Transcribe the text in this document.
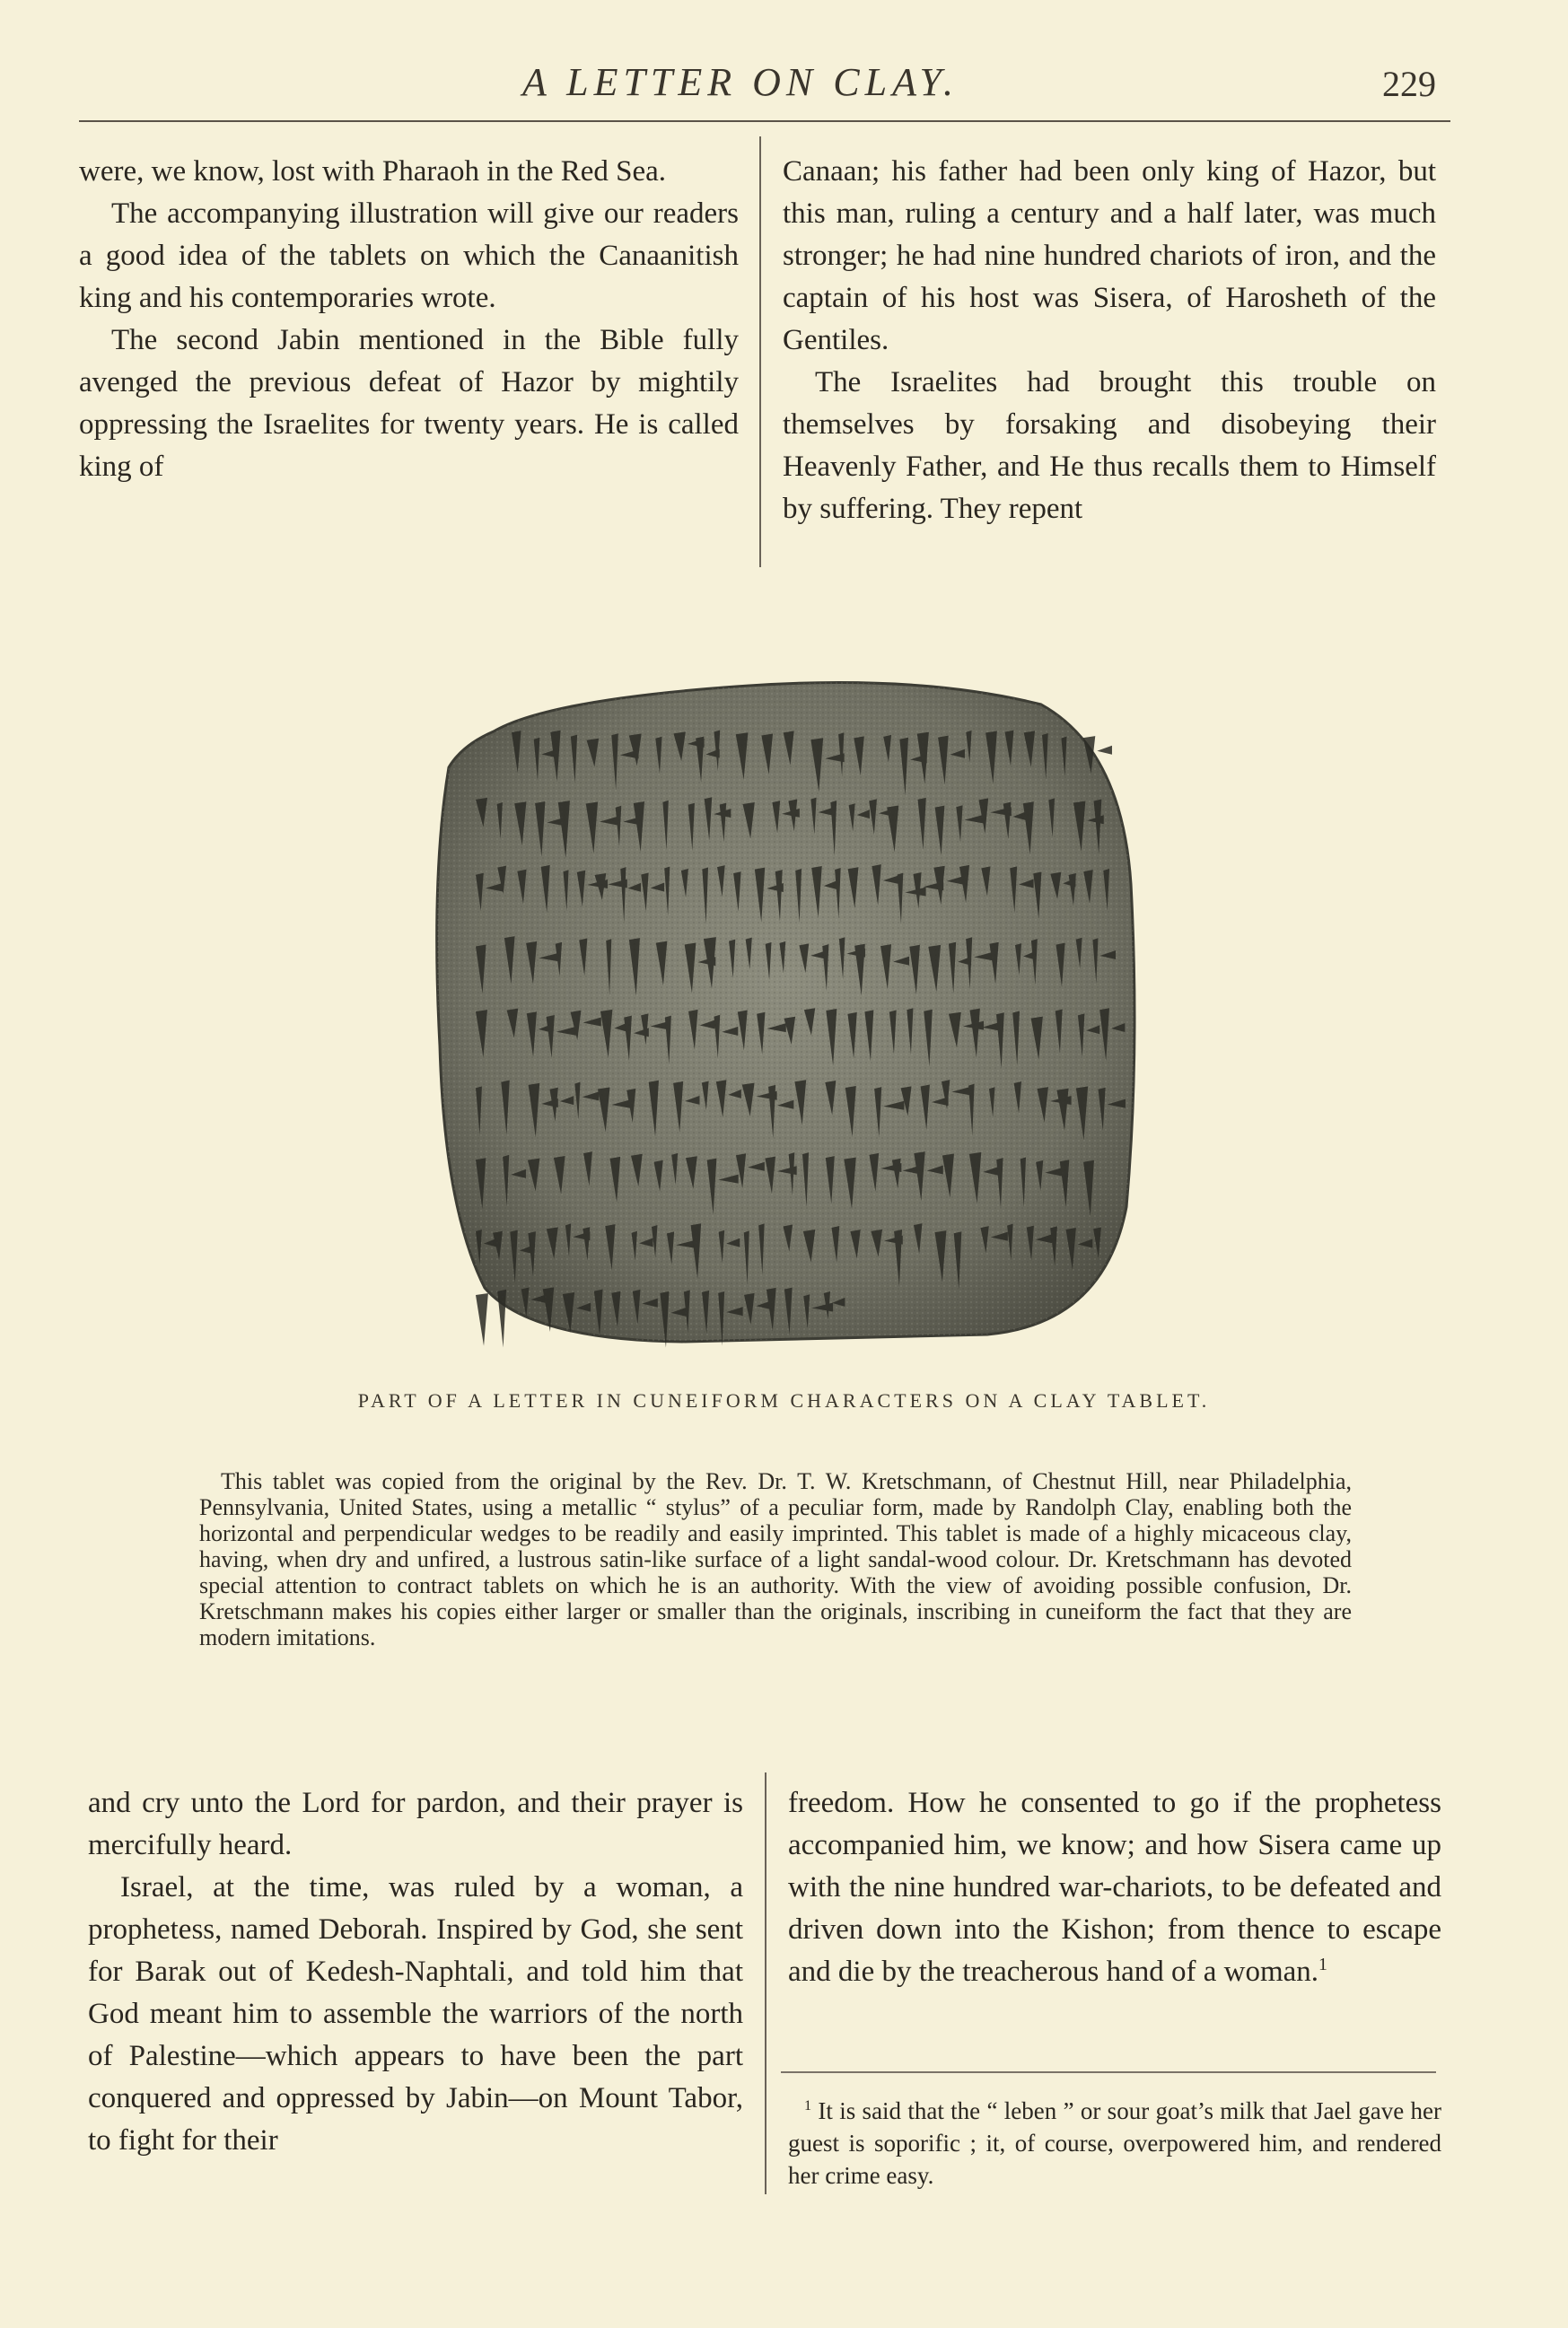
A LETTER ON CLAY.	229

were, we know, lost with Pharaoh in the Red Sea.

The accompanying illustration will give our readers a good idea of the tablets on which the Canaanitish king and his contemporaries wrote.

The second Jabin mentioned in the Bible fully avenged the previous defeat of Hazor by mightily oppressing the Israelites for twenty years. He is called king of

Canaan; his father had been only king of Hazor, but this man, ruling a century and a half later, was much stronger; he had nine hundred chariots of iron, and the captain of his host was Sisera, of Harosheth of the Gentiles.

The Israelites had brought this trouble on themselves by forsaking and disobeying their Heavenly Father, and He thus recalls them to Himself by suffering. They repent

PART OF A LETTER IN CUNEIFORM CHARACTERS ON A CLAY TABLET.

This tablet was copied from the original by the Rev. Dr. T. W. Kretschmann, of Chestnut Hill, near Philadelphia, Pennsylvania, United States, using a metallic “ stylus” of a peculiar form, made by Randolph Clay, enabling both the horizontal and perpendicular wedges to be readily and easily imprinted. This tablet is made of a highly micaceous clay, having, when dry and unfired, a lustrous satin-like surface of a light sandal-wood colour. Dr. Kretschmann has devoted special attention to contract tablets on which he is an authority. With the view of avoiding possible confusion, Dr. Kretschmann makes his copies either larger or smaller than the originals, inscribing in cuneiform the fact that they are modern imitations.

and cry unto the Lord for pardon, and their prayer is mercifully heard.

Israel, at the time, was ruled by a woman, a prophetess, named Deborah. Inspired by God, she sent for Barak out of Kedesh-Naphtali, and told him that God meant him to assemble the warriors of the north of Palestine—which appears to have been the part conquered and oppressed by Jabin—on Mount Tabor, to fight for their

freedom. How he consented to go if the prophetess accompanied him, we know; and how Sisera came up with the nine hundred war-chariots, to be defeated and driven down into the Kishon; from thence to escape and die by the treacherous hand of a woman.$^1$

$^1$ It is said that the “ leben ” or sour goat’s milk that Jael gave her guest is soporific ; it, of course, overpowered him, and rendered her crime easy.
